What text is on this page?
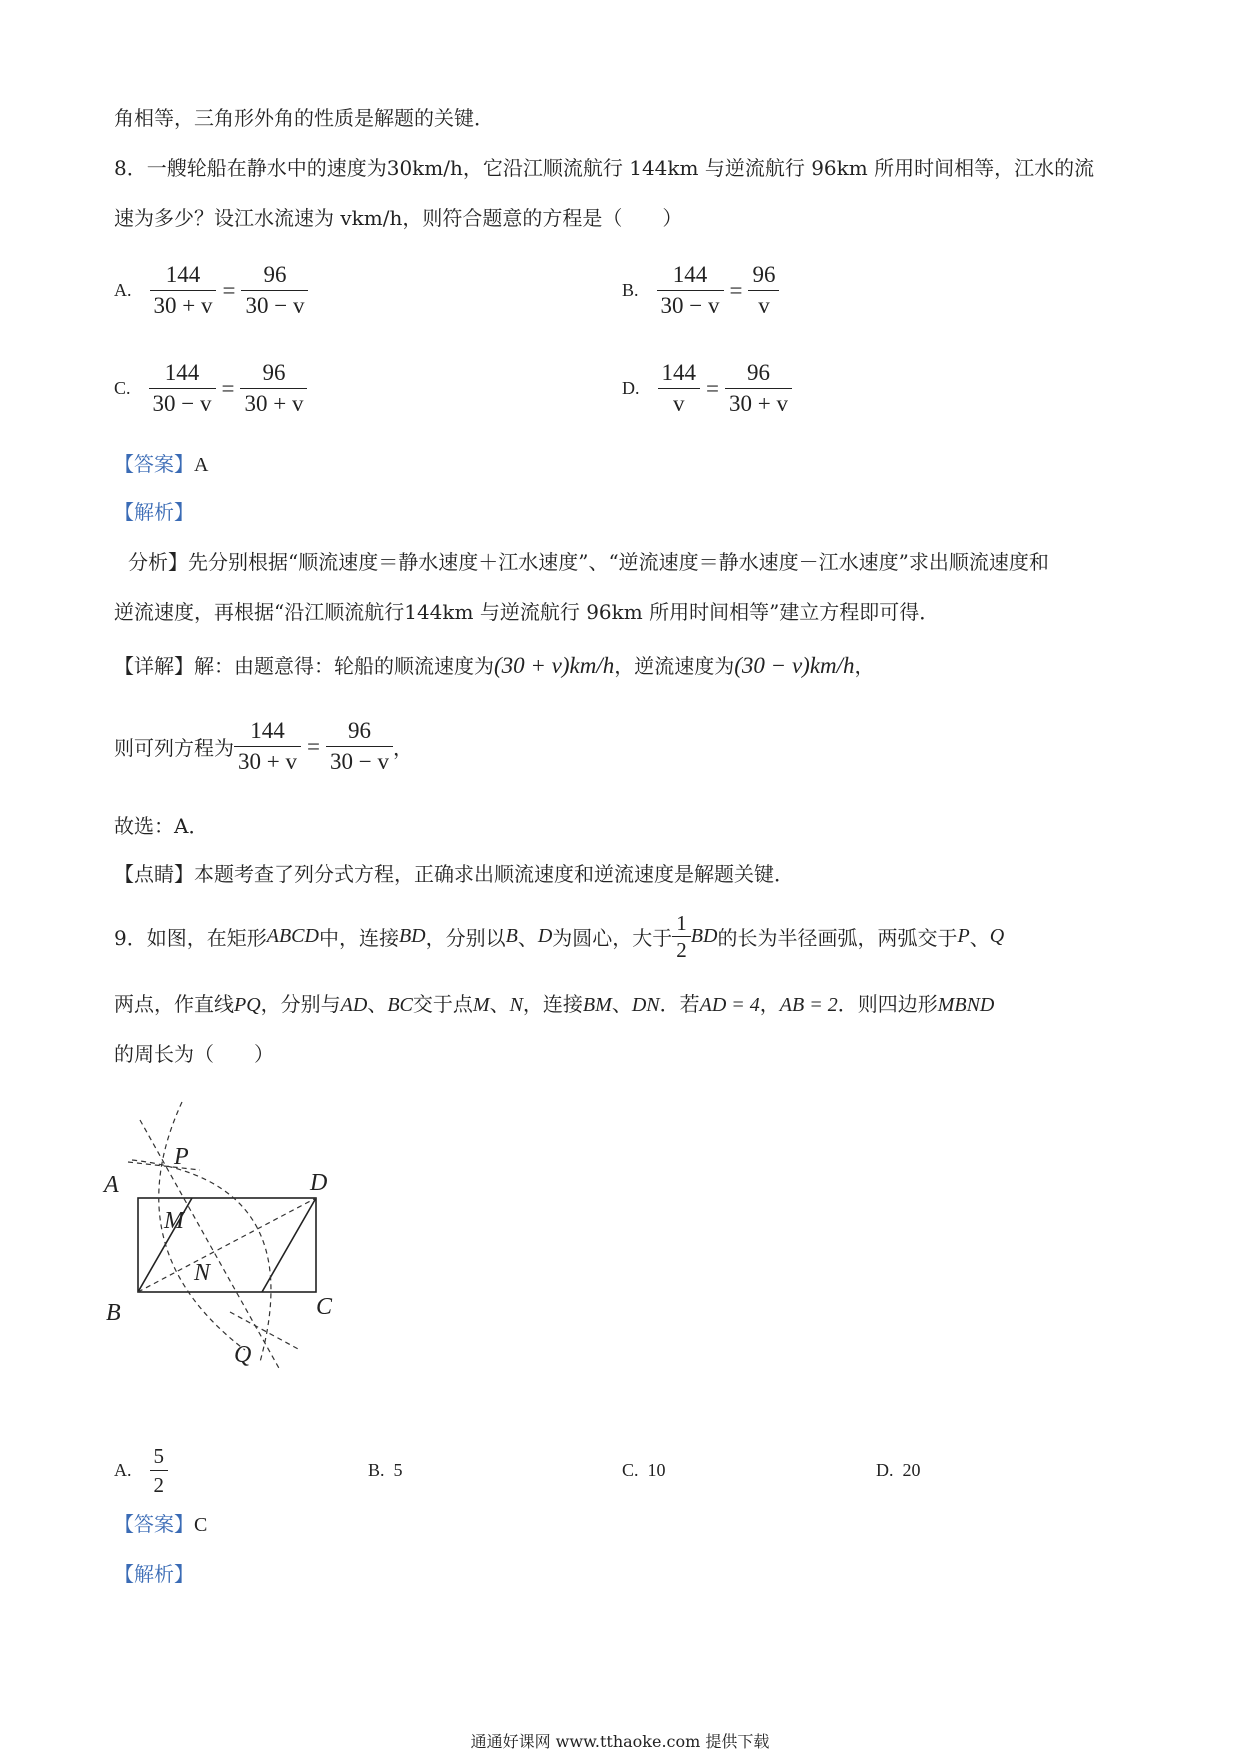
角相等，三角形外角的性质是解题的关键．
8．一艘轮船在静水中的速度为30km/h，它沿江顺流航行 144km 与逆流航行 96km 所用时间相等，江水的流
速为多少？设江水流速为 vkm/h，则符合题意的方程是（　　）
A. $\frac{144}{30 + v} = \frac{96}{30 - v}$	B. $\frac{144}{30 - v} = \frac{96}{v}$
C. $\frac{144}{30 - v} = \frac{96}{30 + v}$	D. $\frac{144}{v} = \frac{96}{30 + v}$
【答案】A
【解析】
分析】先分别根据“顺流速度＝静水速度＋江水速度”、“逆流速度＝静水速度－江水速度”求出顺流速度和
逆流速度，再根据“沿江顺流航行144km 与逆流航行 96km 所用时间相等”建立方程即可得．
【详解】解：由题意得：轮船的顺流速度为(30 + v)km/h，逆流速度为(30 − v)km/h，
则可列方程为 $\frac{144}{30 + v} = \frac{96}{30 - v}$ ，
故选：A．
【点睛】本题考查了列分式方程，正确求出顺流速度和逆流速度是解题关键．
9．如图，在矩形 ABCD 中，连接 BD ，分别以 B 、 D 为圆心，大于 $\frac{1}{2}$ BD 的长为半径画弧，两弧交于 P 、 Q
两点，作直线PQ，分别与AD、BC交于点M、N，连接BM、DN．若AD = 4，AB = 2．则四边形MBND
的周长为（　　）
P
A	D
M
N
B	C
Q
A. $\frac{5}{2}$	B. 5	C. 10	D. 20
【答案】C
【解析】
通通好课网 www.tthaoke.com 提供下载
